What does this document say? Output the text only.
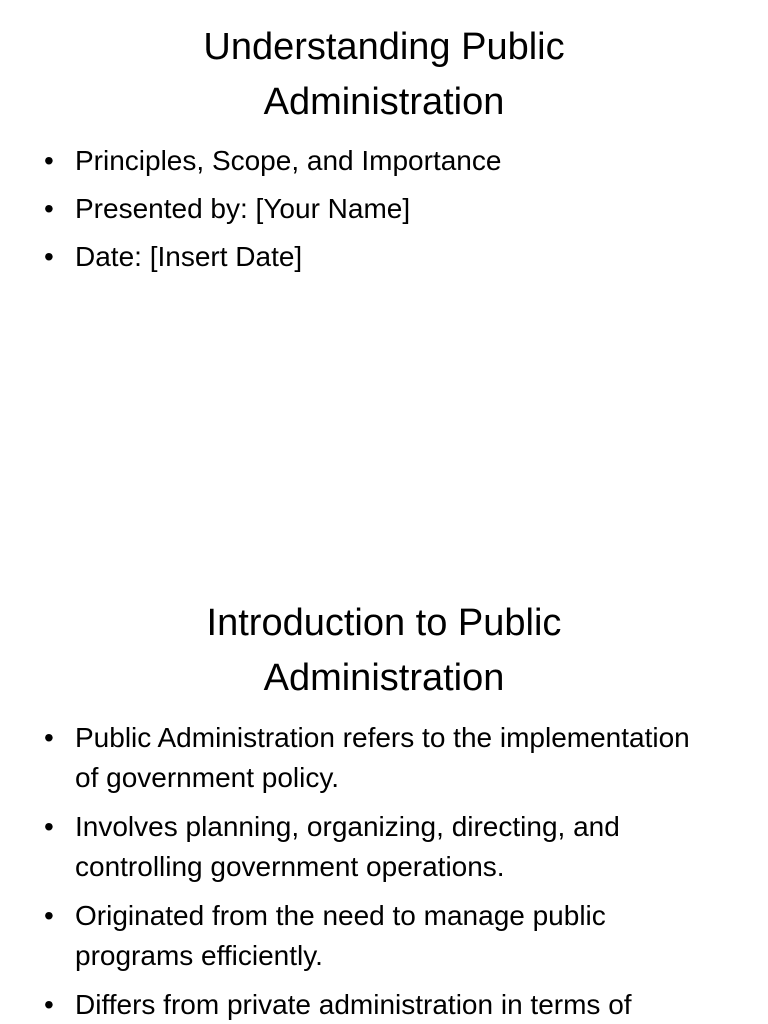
Understanding Public
Administration
• Principles, Scope, and Importance
• Presented by: [Your Name]
• Date: [Insert Date]
Introduction to Public
Administration
• Public Administration refers to the implementation of government policy.
• Involves planning, organizing, directing, and controlling government operations.
• Originated from the need to manage public programs efficiently.
• Differs from private administration in terms of
